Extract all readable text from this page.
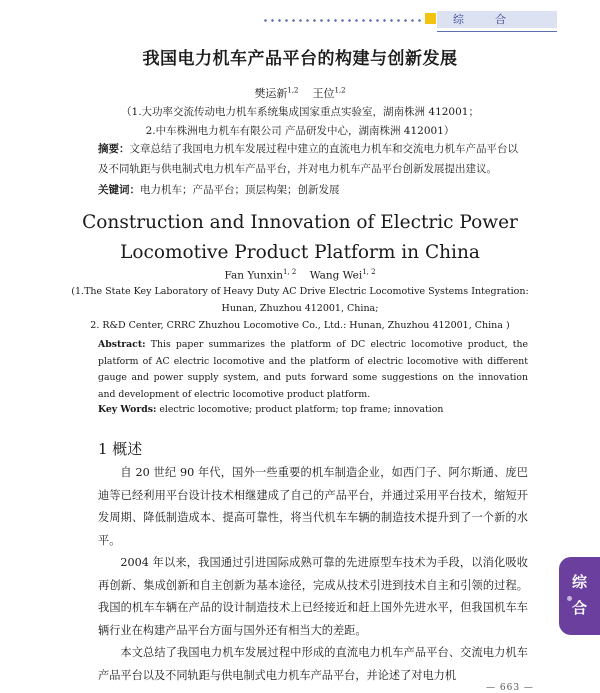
综　合
我国电力机车产品平台的构建与创新发展
樊运新$^{1,2}$ 王位$^{1,2}$
（1.大功率交流传动电力机车系统集成国家重点实验室，湖南株洲 412001；
2.中车株洲电力机车有限公司 产品研发中心，湖南株洲 412001）
摘要：文章总结了我国电力机车发展过程中建立的直流电力机车和交流电力机车产品平台以及不同轨距与供电制式电力机车产品平台，并对电力机车产品平台创新发展提出建议。
关键词：电力机车；产品平台；顶层构架；创新发展
Construction and Innovation of Electric Power
Locomotive Product Platform in China
Fan Yunxin$^{1, 2}$ Wang Wei$^{1, 2}$
(1.The State Key Laboratory of Heavy Duty AC Drive Electric Locomotive Systems Integration:
Hunan, Zhuzhou 412001, China;
2. R&D Center, CRRC Zhuzhou Locomotive Co., Ltd.: Hunan, Zhuzhou 412001, China )
Abstract: This paper summarizes the platform of DC electric locomotive product, the platform of AC electric locomotive and the platform of electric locomotive with different gauge and power supply system, and puts forward some suggestions on the innovation and development of electric locomotive product platform.
Key Words: electric locomotive; product platform; top frame; innovation
1 概述

自 20 世纪 90 年代，国外一些重要的机车制造企业，如西门子、阿尔斯通、庞巴迪等已经利用平台设计技术相继建成了自己的产品平台，并通过采用平台技术，缩短开发周期、降低制造成本、提高可靠性，将当代机车车辆的制造技术提升到了一个新的水平。

2004 年以来，我国通过引进国际成熟可靠的先进原型车技术为手段，以消化吸收再创新、集成创新和自主创新为基本途径，完成从技术引进到技术自主和引领的过程。我国的机车车辆在产品的设计制造技术上已经接近和赶上国外先进水平，但我国机车车辆行业在构建产品平台方面与国外还有相当大的差距。

本文总结了我国电力机车发展过程中形成的直流电力机车产品平台、交流电力机车产品平台以及不同轨距与供电制式电力机车产品平台，并论述了对电力机

综
合
— 663 —
